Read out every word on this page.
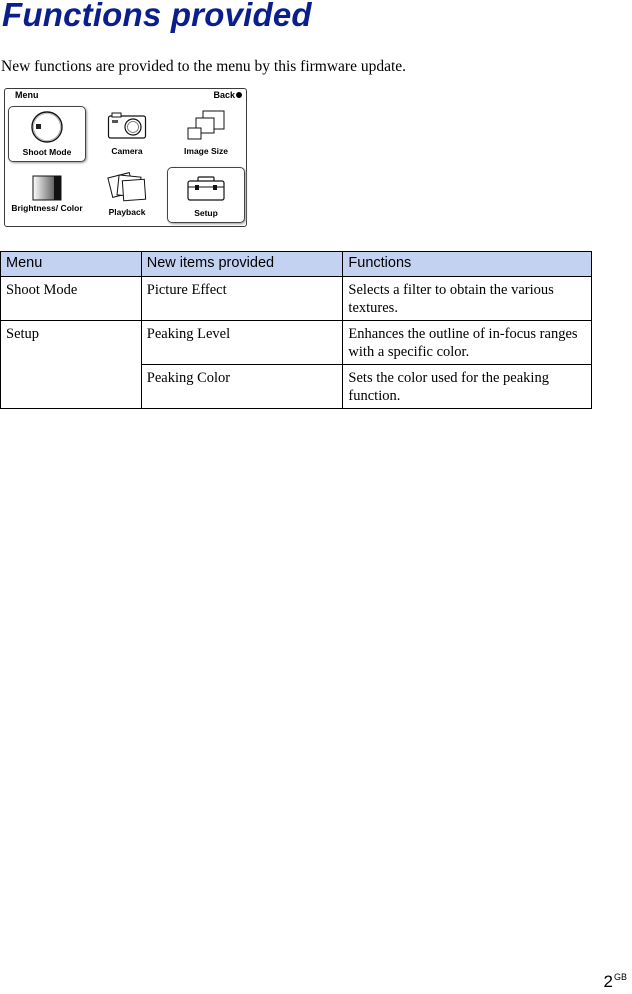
Functions provided

New functions are provided to the menu by this firmware update.

Menu	Back
Shoot Mode	Camera	Image Size
Brightness/ Color	Playback	Setup
Menu	New items provided	Functions
Shoot Mode	Picture Effect	Selects a filter to obtain the various textures.
Setup	Peaking Level	Enhances the outline of in-focus ranges with a specific color.
	Peaking Color	Sets the color used for the peaking function.
$2^{GB}$
